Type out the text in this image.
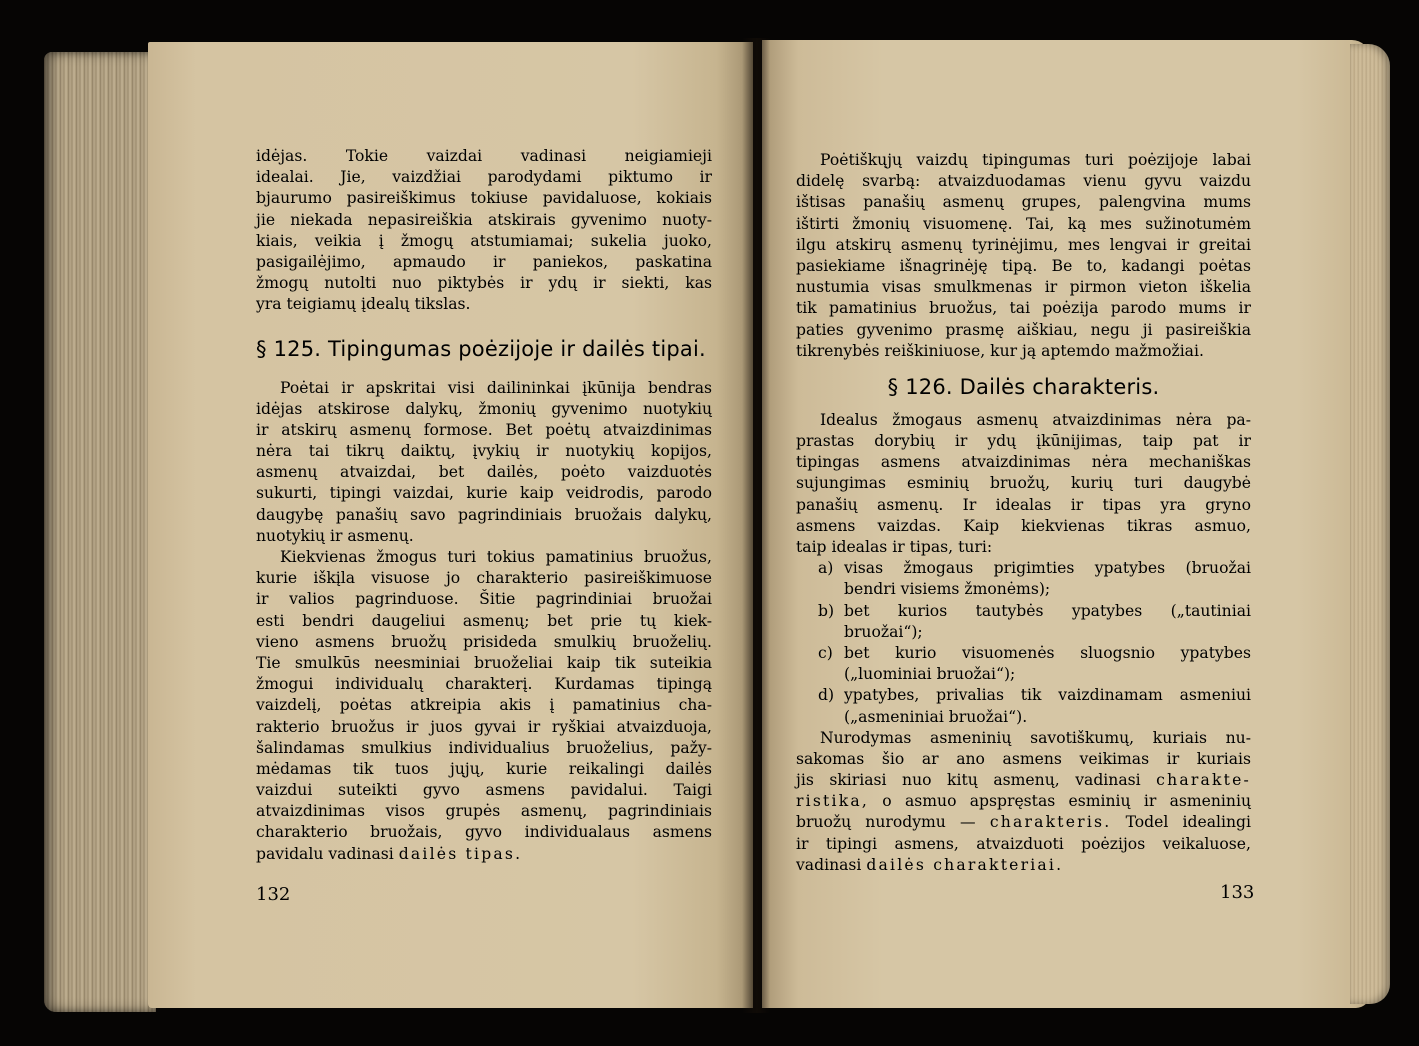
idėjas. Tokie vaizdai vadinasi neigiamieji
idealai. Jie, vaizdžiai parodydami piktumo ir
bjaurumo pasireiškimus tokiuse pavidaluose, kokiais
jie niekada nepasireiškia atskirais gyvenimo nuoty-
kiais, veikia į žmogų atstumiamai; sukelia juoko,
pasigailėjimo, apmaudo ir paniekos, paskatina
žmogų nutolti nuo piktybės ir ydų ir siekti, kas
yra teigiamų įdealų tikslas.
§ 125. Tipingumas poėzijoje ir dailės tipai.
Poėtai ir apskritai visi dailininkai įkūnija bendras
idėjas atskirose dalykų, žmonių gyvenimo nuotykių
ir atskirų asmenų formose. Bet poėtų atvaizdinimas
nėra tai tikrų daiktų, įvykių ir nuotykių kopijos,
asmenų atvaizdai, bet dailės, poėto vaizduotės
sukurti, tipingi vaizdai, kurie kaip veidrodis, parodo
daugybę panašių savo pagrindiniais bruožais dalykų,
nuotykių ir asmenų.
Kiekvienas žmogus turi tokius pamatinius bruožus,
kurie iškįla visuose jo charakterio pasireiškimuose
ir valios pagrinduose. Šitie pagrindiniai bruožai
esti bendri daugeliui asmenų; bet prie tų kiek-
vieno asmens bruožų prisideda smulkių bruoželių.
Tie smulkūs neesminiai bruoželiai kaip tik suteikia
žmogui individualų charakterį. Kurdamas tipingą
vaizdelį, poėtas atkreipia akis į pamatinius cha-
rakterio bruožus ir juos gyvai ir ryškiai atvaizduoja,
šalindamas smulkius individualius bruoželius, pažy-
mėdamas tik tuos jųjų, kurie reikalingi dailės
vaizdui suteikti gyvo asmens pavidalui. Taigi
atvaizdinimas visos grupės asmenų, pagrindiniais
charakterio bruožais, gyvo individualaus asmens
pavidalu vadinasi dailės tipas.
132
Poėtiškųjų vaizdų tipingumas turi poėzijoje labai
didelę svarbą: atvaizduodamas vienu gyvu vaizdu
ištisas panašių asmenų grupes, palengvina mums
ištirti žmonių visuomenę. Tai, ką mes sužinotumėm
ilgu atskirų asmenų tyrinėjimu, mes lengvai ir greitai
pasiekiame išnagrinėję tipą. Be to, kadangi poėtas
nustumia visas smulkmenas ir pirmon vieton iškelia
tik pamatinius bruožus, tai poėzija parodo mums ir
paties gyvenimo prasmę aiškiau, negu ji pasireiškia
tikrenybės reiškiniuose, kur ją aptemdo mažmožiai.
§ 126. Dailės charakteris.
Idealus žmogaus asmenų atvaizdinimas nėra pa-
prastas dorybių ir ydų įkūnijimas, taip pat ir
tipingas asmens atvaizdinimas nėra mechaniškas
sujungimas esminių bruožų, kurių turi daugybė
panašių asmenų. Ir idealas ir tipas yra gryno
asmens vaizdas. Kaip kiekvienas tikras asmuo,
taip idealas ir tipas, turi:
a) visas žmogaus prigimties ypatybes (bruožai
bendri visiems žmonėms);
b) bet kurios tautybės ypatybes („tautiniai
bruožai“);
c) bet kurio visuomenės sluogsnio ypatybes
(„luominiai bruožai“);
d) ypatybes, privalias tik vaizdinamam asmeniui
(„asmeniniai bruožai“).
Nurodymas asmeninių savotiškumų, kuriais nu-
sakomas šio ar ano asmens veikimas ir kuriais
jis skiriasi nuo kitų asmenų, vadinasi charakte-
ristika, o asmuo apspręstas esminių ir asmeninių
bruožų nurodymu — charakteris. Todel idealingi
ir tipingi asmens, atvaizduoti poėzijos veikaluose,
vadinasi dailės charakteriai.
133
